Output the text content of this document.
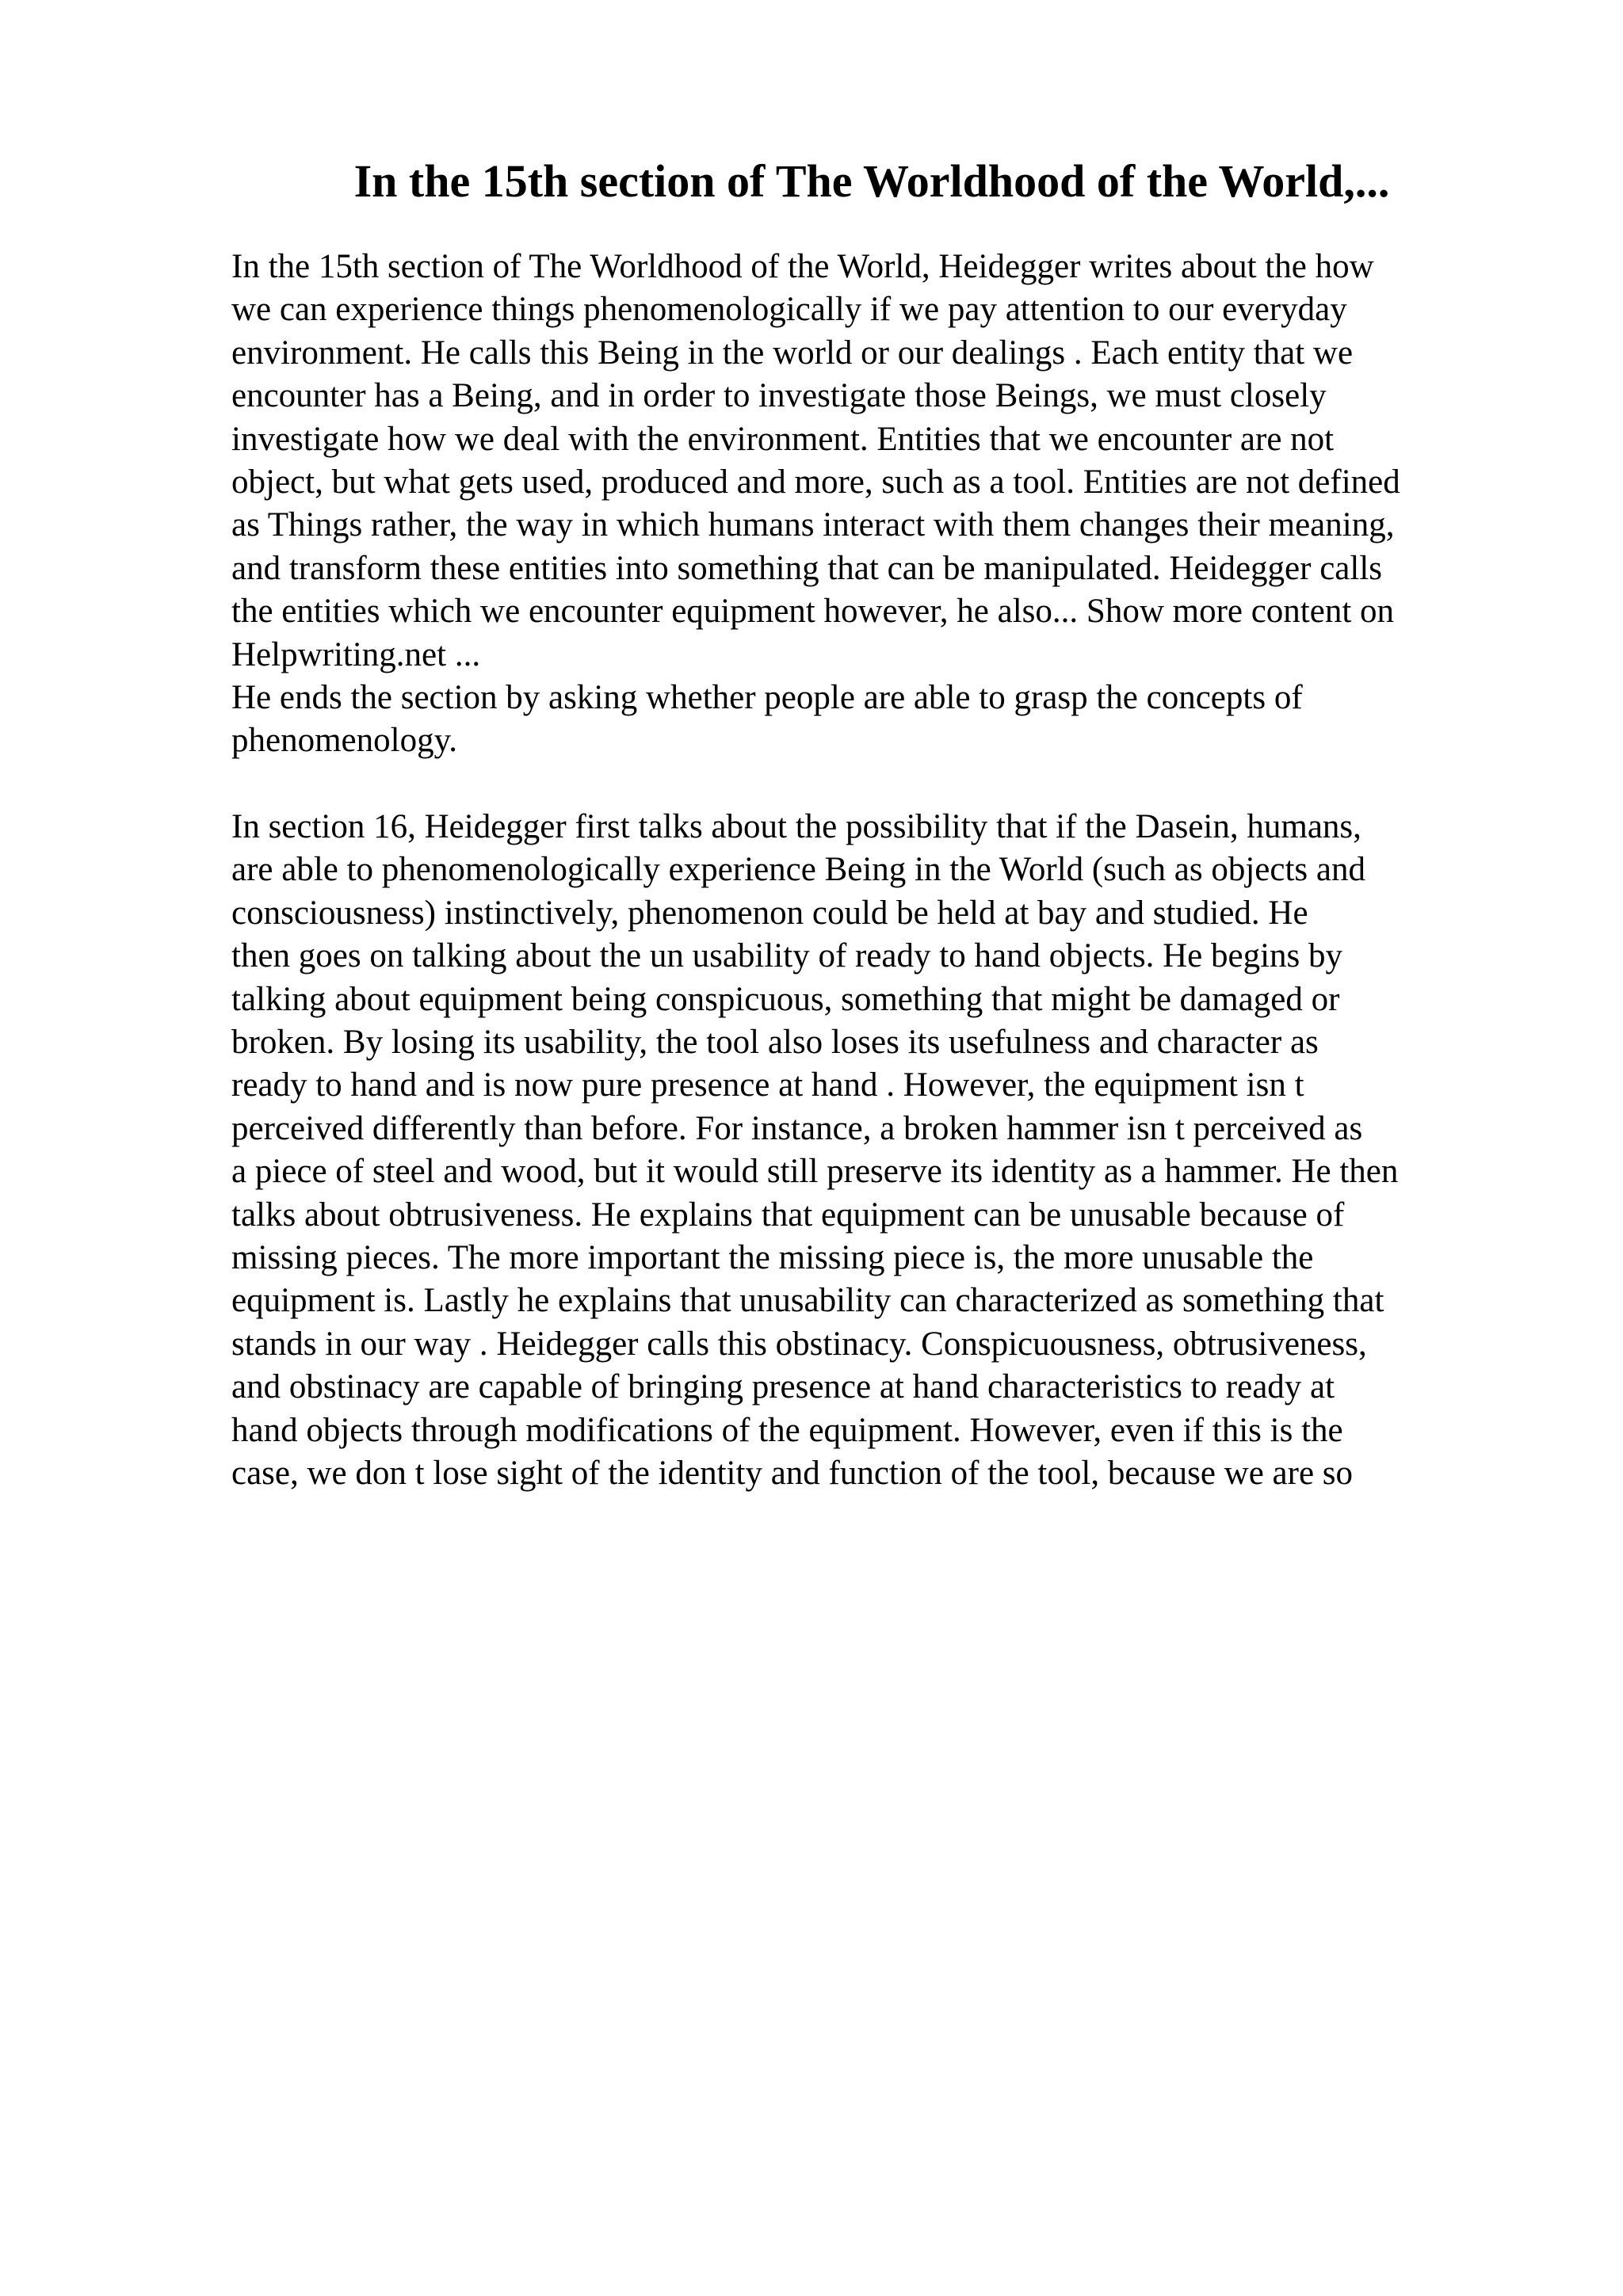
In the 15th section of The Worldhood of the World,...
In the 15th section of The Worldhood of the World, Heidegger writes about the how
we can experience things phenomenologically if we pay attention to our everyday
environment. He calls this Being in the world or our dealings . Each entity that we
encounter has a Being, and in order to investigate those Beings, we must closely
investigate how we deal with the environment. Entities that we encounter are not
object, but what gets used, produced and more, such as a tool. Entities are not defined
as Things rather, the way in which humans interact with them changes their meaning,
and transform these entities into something that can be manipulated. Heidegger calls
the entities which we encounter equipment however, he also... Show more content on
Helpwriting.net ...
He ends the section by asking whether people are able to grasp the concepts of
phenomenology.
In section 16, Heidegger first talks about the possibility that if the Dasein, humans,
are able to phenomenologically experience Being in the World (such as objects and
consciousness) instinctively, phenomenon could be held at bay and studied. He
then goes on talking about the un usability of ready to hand objects. He begins by
talking about equipment being conspicuous, something that might be damaged or
broken. By losing its usability, the tool also loses its usefulness and character as
ready to hand and is now pure presence at hand . However, the equipment isn t
perceived differently than before. For instance, a broken hammer isn t perceived as
a piece of steel and wood, but it would still preserve its identity as a hammer. He then
talks about obtrusiveness. He explains that equipment can be unusable because of
missing pieces. The more important the missing piece is, the more unusable the
equipment is. Lastly he explains that unusability can characterized as something that
stands in our way . Heidegger calls this obstinacy. Conspicuousness, obtrusiveness,
and obstinacy are capable of bringing presence at hand characteristics to ready at
hand objects through modifications of the equipment. However, even if this is the
case, we don t lose sight of the identity and function of the tool, because we are so
